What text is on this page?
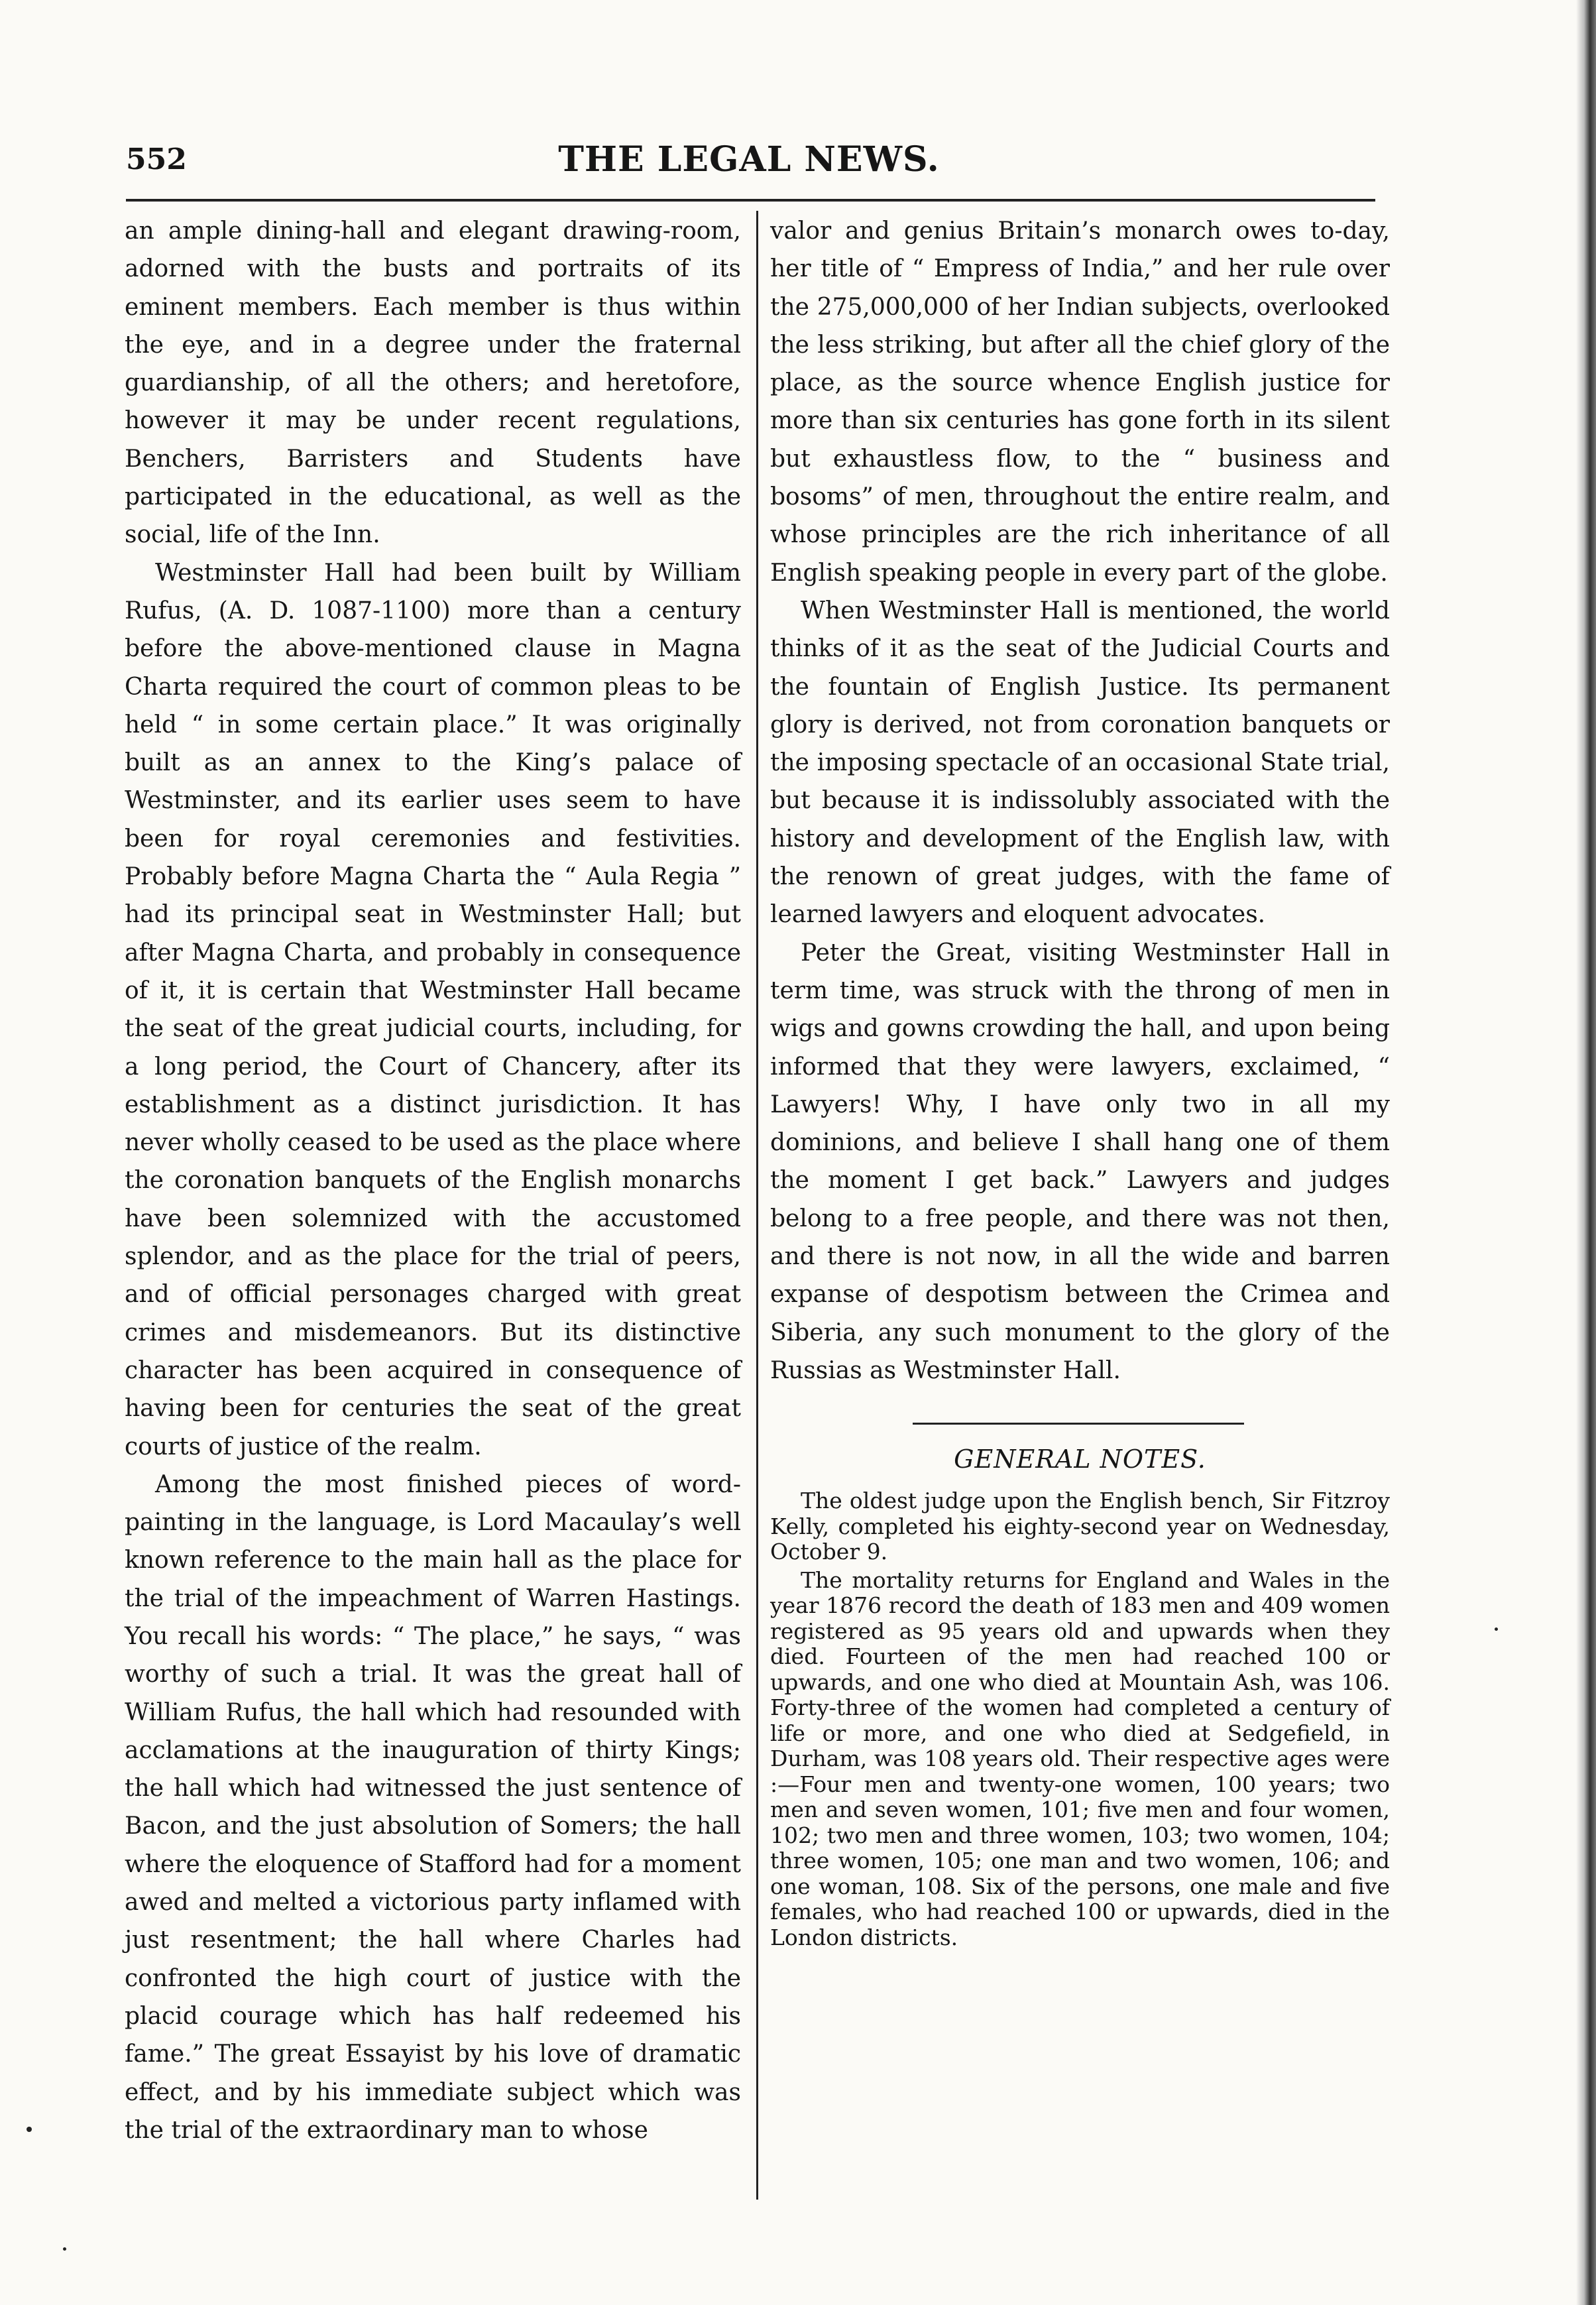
552	THE LEGAL NEWS.

an ample dining-hall and elegant drawing-room, adorned with the busts and portraits of its eminent members. Each member is thus within the eye, and in a degree under the fraternal guardianship, of all the others; and heretofore, however it may be under recent regulations, Benchers, Barristers and Students have participated in the educational, as well as the social, life of the Inn.

Westminster Hall had been built by William Rufus, (A. D. 1087-1100) more than a century before the above-mentioned clause in Magna Charta required the court of common pleas to be held “ in some certain place.” It was originally built as an annex to the King’s palace of Westminster, and its earlier uses seem to have been for royal ceremonies and festivities. Probably before Magna Charta the “ Aula Regia ” had its principal seat in Westminster Hall; but after Magna Charta, and probably in consequence of it, it is certain that Westminster Hall became the seat of the great judicial courts, including, for a long period, the Court of Chancery, after its establishment as a distinct jurisdiction. It has never wholly ceased to be used as the place where the coronation banquets of the English monarchs have been solemnized with the accustomed splendor, and as the place for the trial of peers, and of official personages charged with great crimes and misdemeanors. But its distinctive character has been acquired in consequence of having been for centuries the seat of the great courts of justice of the realm.

Among the most finished pieces of word-painting in the language, is Lord Macaulay’s well known reference to the main hall as the place for the trial of the impeachment of Warren Hastings. You recall his words: “ The place,” he says, “ was worthy of such a trial. It was the great hall of William Rufus, the hall which had resounded with acclamations at the inauguration of thirty Kings; the hall which had witnessed the just sentence of Bacon, and the just absolution of Somers; the hall where the eloquence of Stafford had for a moment awed and melted a victorious party inflamed with just resentment; the hall where Charles had confronted the high court of justice with the placid courage which has half redeemed his fame.” The great Essayist by his love of dramatic effect, and by his immediate subject which was the trial of the extraordinary man to whose

valor and genius Britain’s monarch owes to-day, her title of “ Empress of India,” and her rule over the 275,000,000 of her Indian subjects, overlooked the less striking, but after all the chief glory of the place, as the source whence English justice for more than six centuries has gone forth in its silent but exhaustless flow, to the “ business and bosoms” of men, throughout the entire realm, and whose principles are the rich inheritance of all English speaking people in every part of the globe.

When Westminster Hall is mentioned, the world thinks of it as the seat of the Judicial Courts and the fountain of English Justice. Its permanent glory is derived, not from coronation banquets or the imposing spectacle of an occasional State trial, but because it is indissolubly associated with the history and development of the English law, with the renown of great judges, with the fame of learned lawyers and eloquent advocates.

Peter the Great, visiting Westminster Hall in term time, was struck with the throng of men in wigs and gowns crowding the hall, and upon being informed that they were lawyers, exclaimed, “ Lawyers! Why, I have only two in all my dominions, and believe I shall hang one of them the moment I get back.” Lawyers and judges belong to a free people, and there was not then, and there is not now, in all the wide and barren expanse of despotism between the Crimea and Siberia, any such monument to the glory of the Russias as Westminster Hall.

GENERAL NOTES.

The oldest judge upon the English bench, Sir Fitzroy Kelly, completed his eighty-second year on Wednesday, October 9.

The mortality returns for England and Wales in the year 1876 record the death of 183 men and 409 women registered as 95 years old and upwards when they died. Fourteen of the men had reached 100 or upwards, and one who died at Mountain Ash, was 106. Forty-three of the women had completed a century of life or more, and one who died at Sedgefield, in Durham, was 108 years old. Their respective ages were :—Four men and twenty-one women, 100 years; two men and seven women, 101; five men and four women, 102; two men and three women, 103; two women, 104; three women, 105; one man and two women, 106; and one woman, 108. Six of the persons, one male and five females, who had reached 100 or upwards, died in the London districts.
